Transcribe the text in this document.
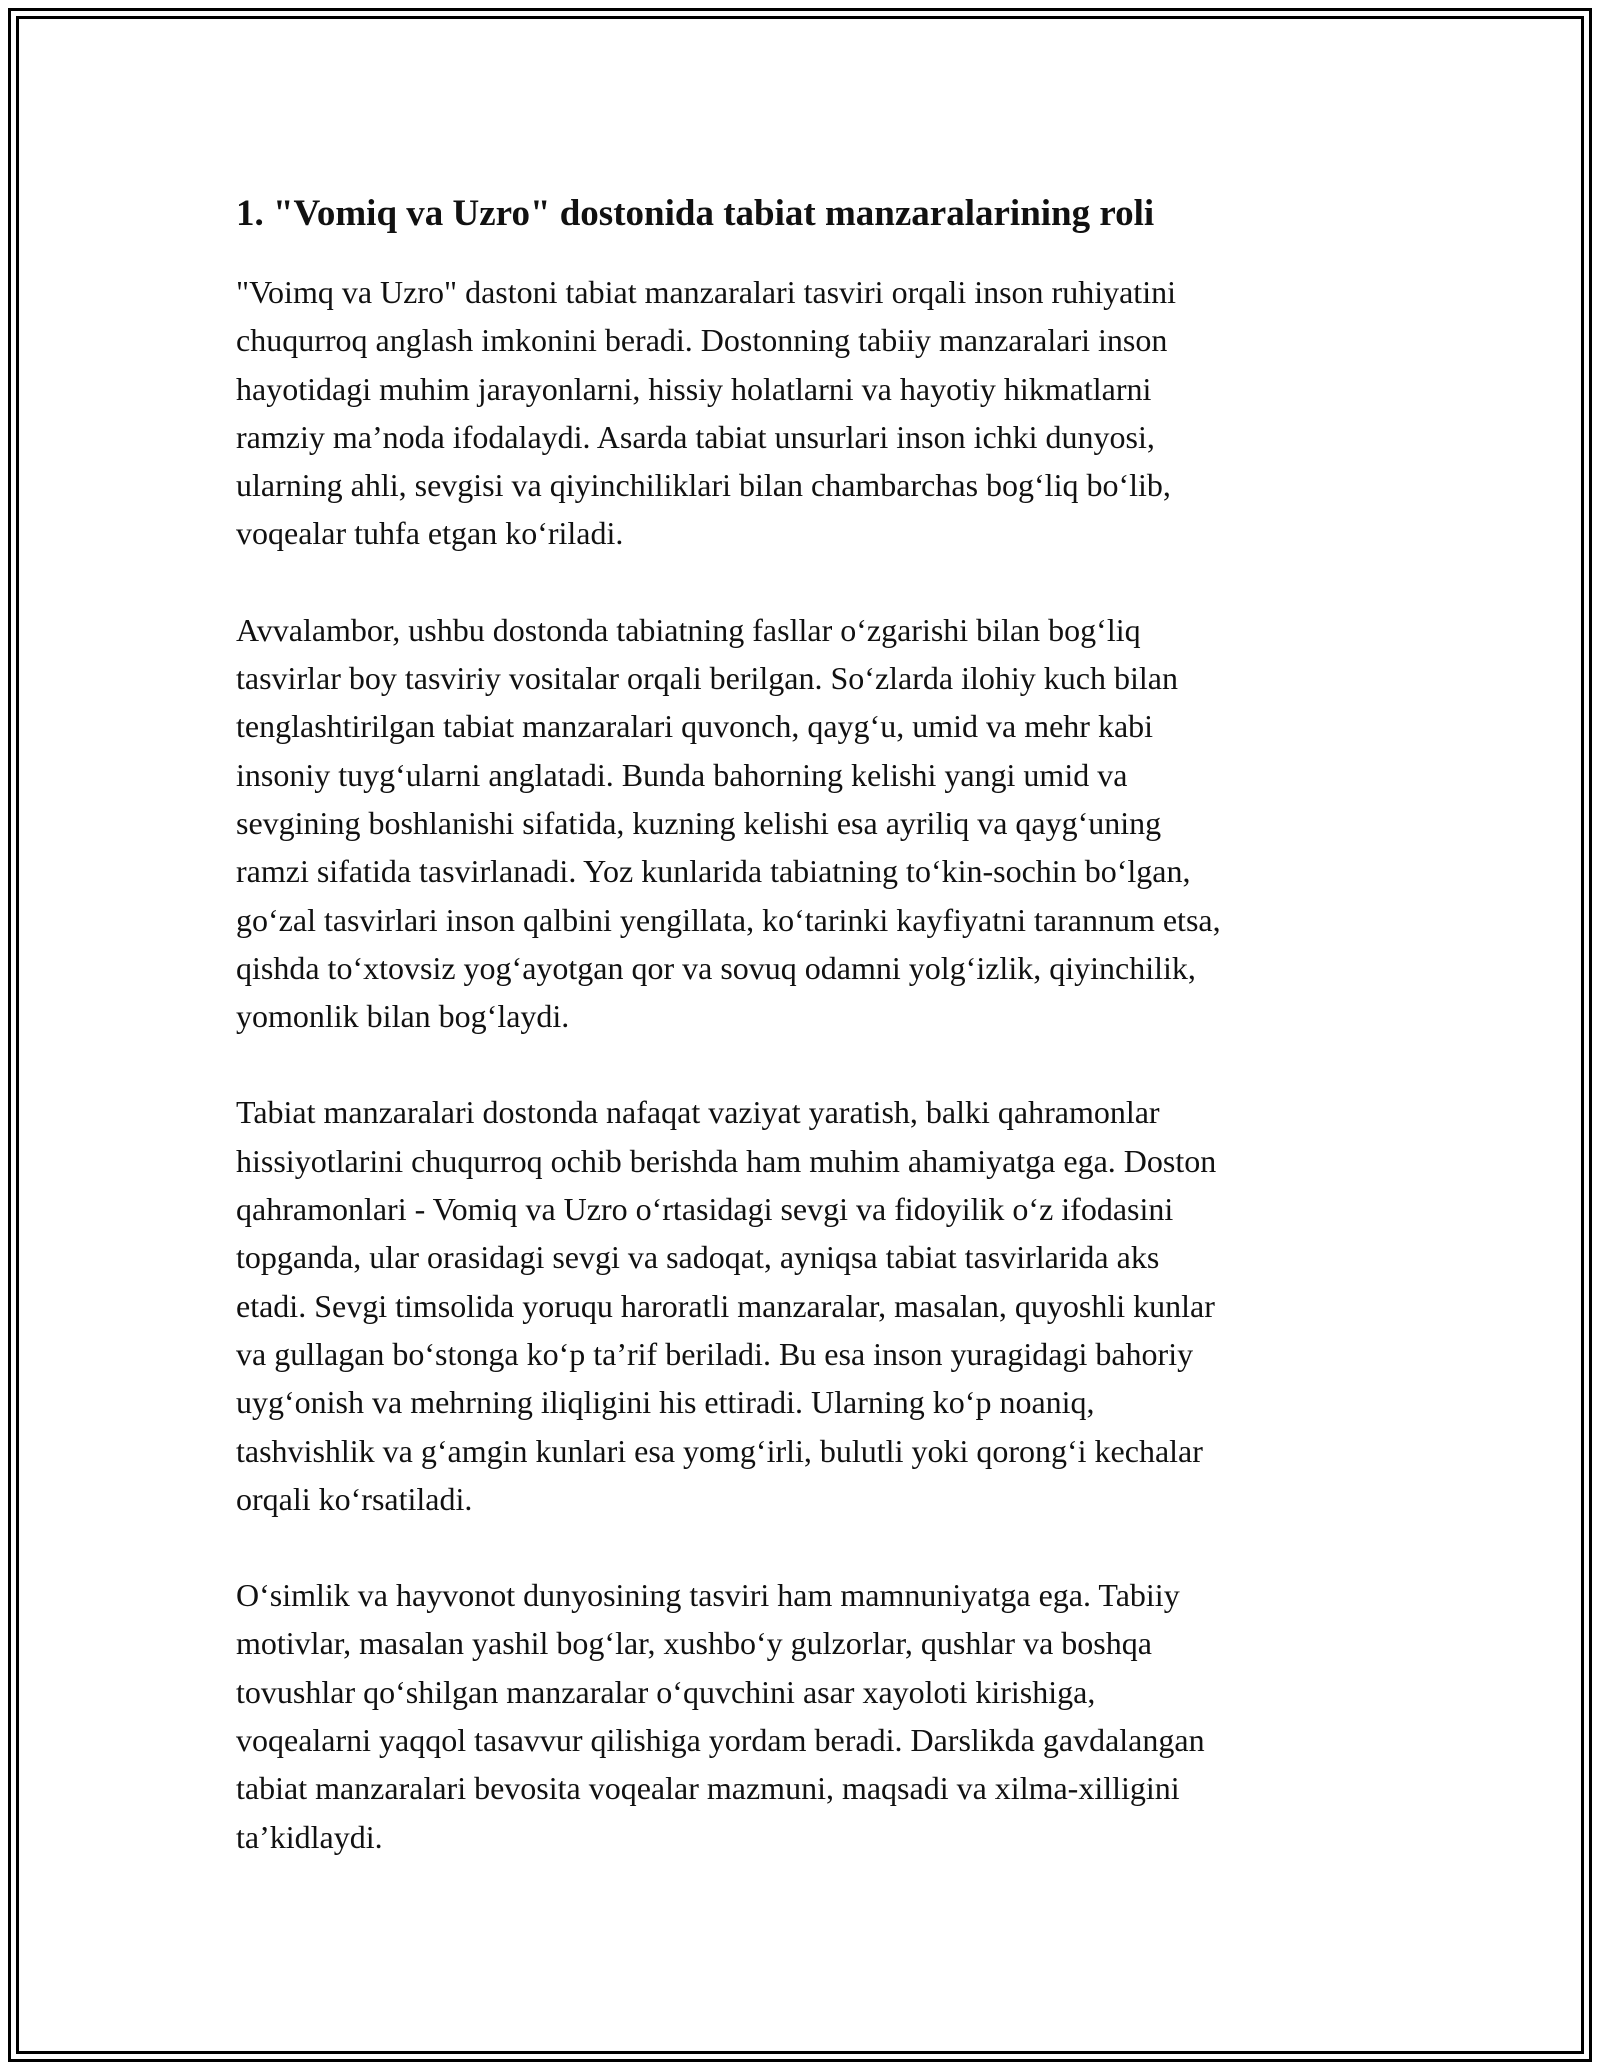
1. "Vomiq va Uzro" dostonida tabiat manzaralarining roli
"Voimq va Uzro" dastoni tabiat manzaralari tasviri orqali inson ruhiyatini
chuqurroq anglash imkonini beradi. Dostonning tabiiy manzaralari inson
hayotidagi muhim jarayonlarni, hissiy holatlarni va hayotiy hikmatlarni
ramziy ma’noda ifodalaydi. Asarda tabiat unsurlari inson ichki dunyosi,
ularning ahli, sevgisi va qiyinchiliklari bilan chambarchas bog‘liq bo‘lib,
voqealar tuhfa etgan ko‘riladi.
Avvalambor, ushbu dostonda tabiatning fasllar o‘zgarishi bilan bog‘liq
tasvirlar boy tasviriy vositalar orqali berilgan. So‘zlarda ilohiy kuch bilan
tenglashtirilgan tabiat manzaralari quvonch, qayg‘u, umid va mehr kabi
insoniy tuyg‘ularni anglatadi. Bunda bahorning kelishi yangi umid va
sevgining boshlanishi sifatida, kuzning kelishi esa ayriliq va qayg‘uning
ramzi sifatida tasvirlanadi. Yoz kunlarida tabiatning to‘kin-sochin bo‘lgan,
go‘zal tasvirlari inson qalbini yengillata, ko‘tarinki kayfiyatni tarannum etsa,
qishda to‘xtovsiz yog‘ayotgan qor va sovuq odamni yolg‘izlik, qiyinchilik,
yomonlik bilan bog‘laydi.
Tabiat manzaralari dostonda nafaqat vaziyat yaratish, balki qahramonlar
hissiyotlarini chuqurroq ochib berishda ham muhim ahamiyatga ega. Doston
qahramonlari - Vomiq va Uzro o‘rtasidagi sevgi va fidoyilik o‘z ifodasini
topganda, ular orasidagi sevgi va sadoqat, ayniqsa tabiat tasvirlarida aks
etadi. Sevgi timsolida yoruqu haroratli manzaralar, masalan, quyoshli kunlar
va gullagan bo‘stonga ko‘p ta’rif beriladi. Bu esa inson yuragidagi bahoriy
uyg‘onish va mehrning iliqligini his ettiradi. Ularning ko‘p noaniq,
tashvishlik va g‘amgin kunlari esa yomg‘irli, bulutli yoki qorong‘i kechalar
orqali ko‘rsatiladi.
O‘simlik va hayvonot dunyosining tasviri ham mamnuniyatga ega. Tabiiy
motivlar, masalan yashil bog‘lar, xushbo‘y gulzorlar, qushlar va boshqa
tovushlar qo‘shilgan manzaralar o‘quvchini asar xayoloti kirishiga,
voqealarni yaqqol tasavvur qilishiga yordam beradi. Darslikda gavdalangan
tabiat manzaralari bevosita voqealar mazmuni, maqsadi va xilma-xilligini
ta’kidlaydi.
